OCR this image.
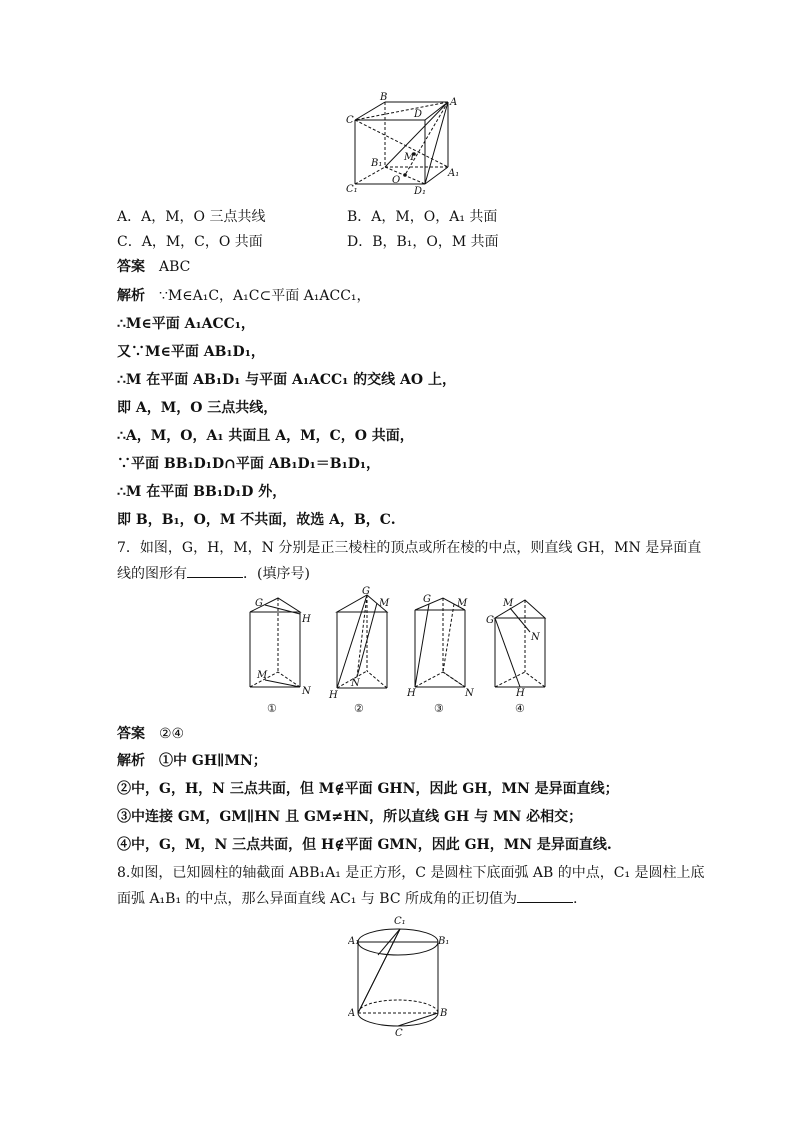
A
B
C
D
M
B₁
O
A₁
C₁	D₁
A．A，M，O 三点共线	B．A，M，O，A₁ 共面
C．A，M，C，O 共面	D．B，B₁，O，M 共面
答案 ABC
解析 ∵M∈A₁C，A₁C⊂平面 A₁ACC₁，
∴M∈平面 A₁ACC₁，
又∵M∈平面 AB₁D₁，
∴M 在平面 AB₁D₁ 与平面 A₁ACC₁ 的交线 AO 上，
即 A，M，O 三点共线，
∴A，M，O，A₁ 共面且 A，M，C，O 共面，
∵平面 BB₁D₁D∩平面 AB₁D₁＝B₁D₁，
∴M 在平面 BB₁D₁D 外，
即 B，B₁，O，M 不共面，故选 A，B，C.
7．如图，G，H，M，N 分别是正三棱柱的顶点或所在棱的中点，则直线 GH，MN 是异面直
线的图形有	．(填序号)
G
H
M
N
①
G
M
N
H
②
G	M
H	N
③
M
G
N
H
④
答案 ②④
解析 ①中 GH∥MN；
②中，G，H，N 三点共面，但 M∉平面 GHN，因此 GH，MN 是异面直线；
③中连接 GM，GM∥HN 且 GM≠HN，所以直线 GH 与 MN 必相交；
④中，G，M，N 三点共面，但 H∉平面 GMN，因此 GH，MN 是异面直线.
8.如图，已知圆柱的轴截面 ABB₁A₁ 是正方形，C 是圆柱下底面弧 AB 的中点，C₁ 是圆柱上底
面弧 A₁B₁ 的中点，那么异面直线 AC₁ 与 BC 所成角的正切值为	.
C₁
A₁	B₁
A	B
C
